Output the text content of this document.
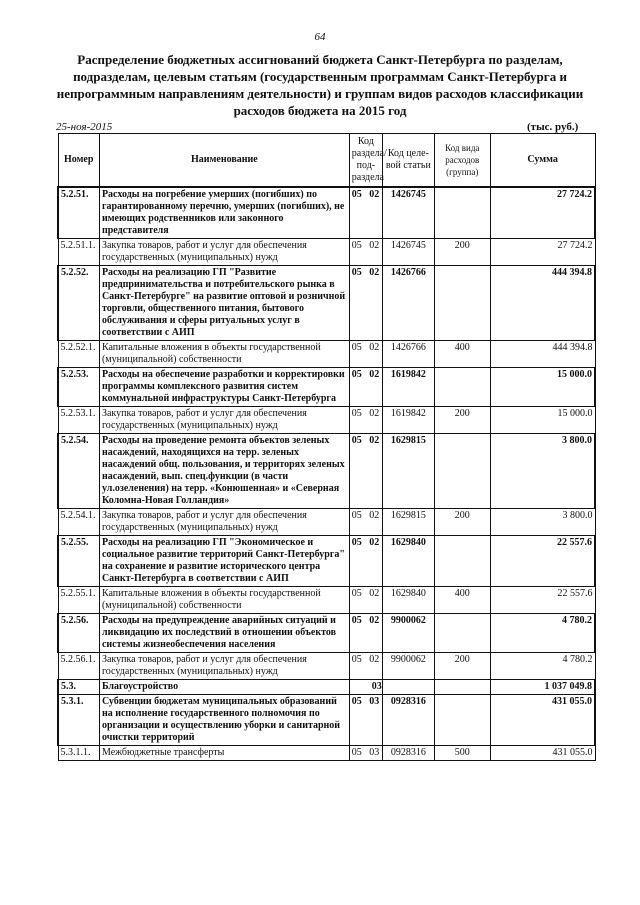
64
Распределение бюджетных ассигнований бюджета Санкт-Петербурга по разделам, подразделам, целевым статьям (государственным программам Санкт-Петербурга и непрограммным направлениям деятельности) и группам видов расходов классификации расходов бюджета на 2015 год
25-ноя-2015	(тыс. руб.)
Номер	Наименование	Код раздела/под-раздела	Код целе-вой статьи	Код вида расходов (группа)	Сумма
5.2.51.	Расходы на погребение умерших (погибших) по гарантированному перечню, умерших (погибших), не имеющих родственников или законного представителя	05   02	1426745		27 724.2
5.2.51.1.	Закупка товаров, работ и услуг для обеспечения государственных (муниципальных) нужд	05   02	1426745	200	27 724.2
5.2.52.	Расходы на реализацию ГП "Развитие предпринимательства и потребительского рынка в Санкт-Петербурге" на развитие оптовой и розничной торговли, общественного питания, бытового обслуживания и сферы ритуальных услуг в соответствии с АИП	05   02	1426766		444 394.8
5.2.52.1.	Капитальные вложения в объекты государственной (муниципальной) собственности	05   02	1426766	400	444 394.8
5.2.53.	Расходы на обеспечение разработки и корректировки программы комплексного развития систем коммунальной инфраструктуры Санкт-Петербурга	05   02	1619842		15 000.0
5.2.53.1.	Закупка товаров, работ и услуг для обеспечения государственных (муниципальных) нужд	05   02	1619842	200	15 000.0
5.2.54.	Расходы на проведение ремонта объектов зеленых насаждений, находящихся на терр. зеленых насаждений общ. пользования, и территорях зеленых насаждений, вып. спец.функции (в части ул.озеленения) на терр. «Конюшенная» и «Северная Коломна-Новая Голландия»	05   02	1629815		3 800.0
5.2.54.1.	Закупка товаров, работ и услуг для обеспечения государственных (муниципальных) нужд	05   02	1629815	200	3 800.0
5.2.55.	Расходы на реализацию ГП "Экономическое и социальное развитие территорий Санкт-Петербурга" на сохранение и развитие исторического центра Санкт-Петербурга в соответствии с АИП	05   02	1629840		22 557.6
5.2.55.1.	Капитальные вложения в объекты государственной (муниципальной) собственности	05   02	1629840	400	22 557.6
5.2.56.	Расходы на предупреждение аварийных ситуаций и ликвидацию их последствий в отношении объектов системы жизнеобеспечения населения	05   02	9900062		4 780.2
5.2.56.1.	Закупка товаров, работ и услуг для обеспечения государственных (муниципальных) нужд	05   02	9900062	200	4 780.2
5.3.	Благоустройство	03			1 037 049.8
5.3.1.	Субвенции бюджетам муниципальных образований на исполнение государственного полномочия по организации и осуществлению уборки и санитарной очистки территорий	05   03	0928316		431 055.0
5.3.1.1.	Межбюджетные трансферты	05   03	0928316	500	431 055.0
